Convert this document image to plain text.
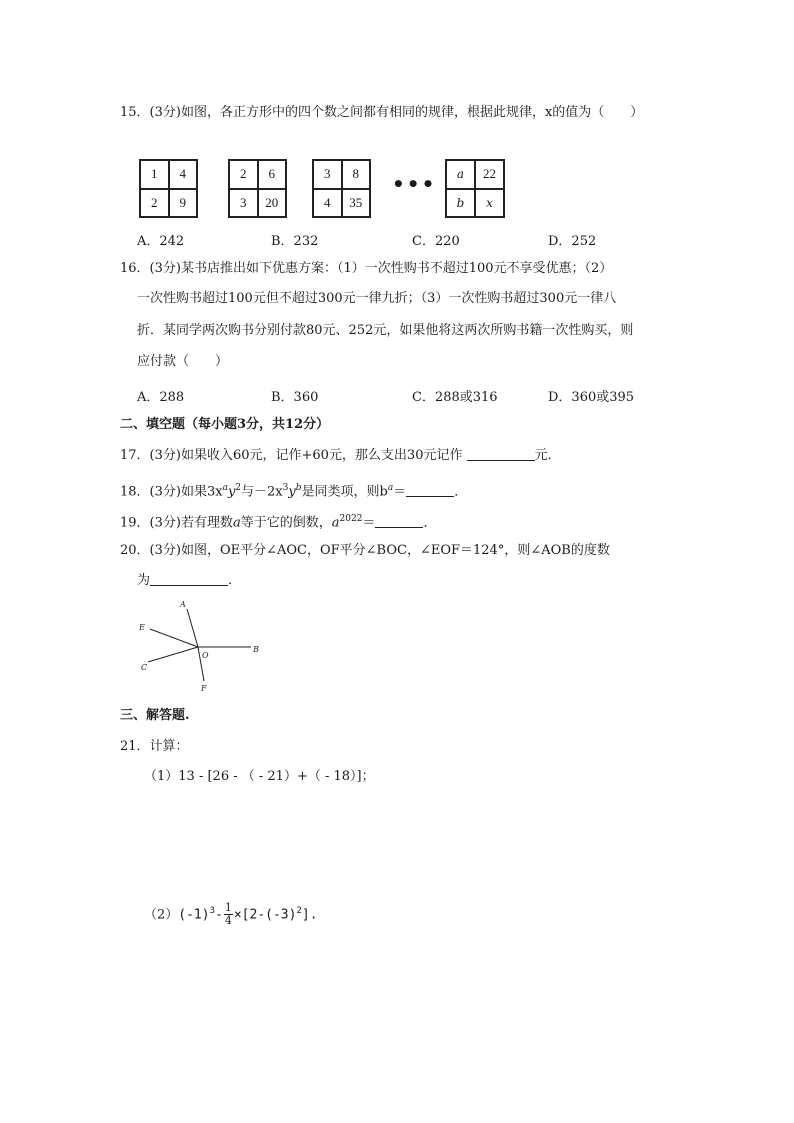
15．(3分)如图，各正方形中的四个数之间都有相同的规律，根据此规律，x的值为（　　）
1	4
2	9
2	6
3	20
3	8
4	35
•••	a	22
b	x
A．242	B．232	C．220	D．252
16．(3分)某书店推出如下优惠方案：（1）一次性购书不超过100元不享受优惠；（2）
一次性购书超过100元但不超过300元一律九折；（3）一次性购书超过300元一律八
折．某同学两次购书分别付款80元、252元，如果他将这两次所购书籍一次性购买，则
应付款（　　）
A．288	B．360	C．288或316	D．360或395
二、填空题（每小题3分，共12分）
17．(3分)如果收入60元，记作+60元，那么支出30元记作	元．
18．(3分)如果$3x^ay^2$与$-2x^3y^b$是同类项，则$b^a=$	．
19．(3分)若有理数a等于它的倒数，$a^{2022}=$	．
20．(3分)如图，OE平分∠AOC，OF平分∠BOC，∠EOF＝124°，则∠AOB的度数
为	．
A
E
C
O
B
F
三、解答题.
21．计算：
（1）13 - [26 - （ - 21）+（ - 18）]；
$(2)(-1)^3- \frac{1}{4} \times[2-(-3)^2]$.
